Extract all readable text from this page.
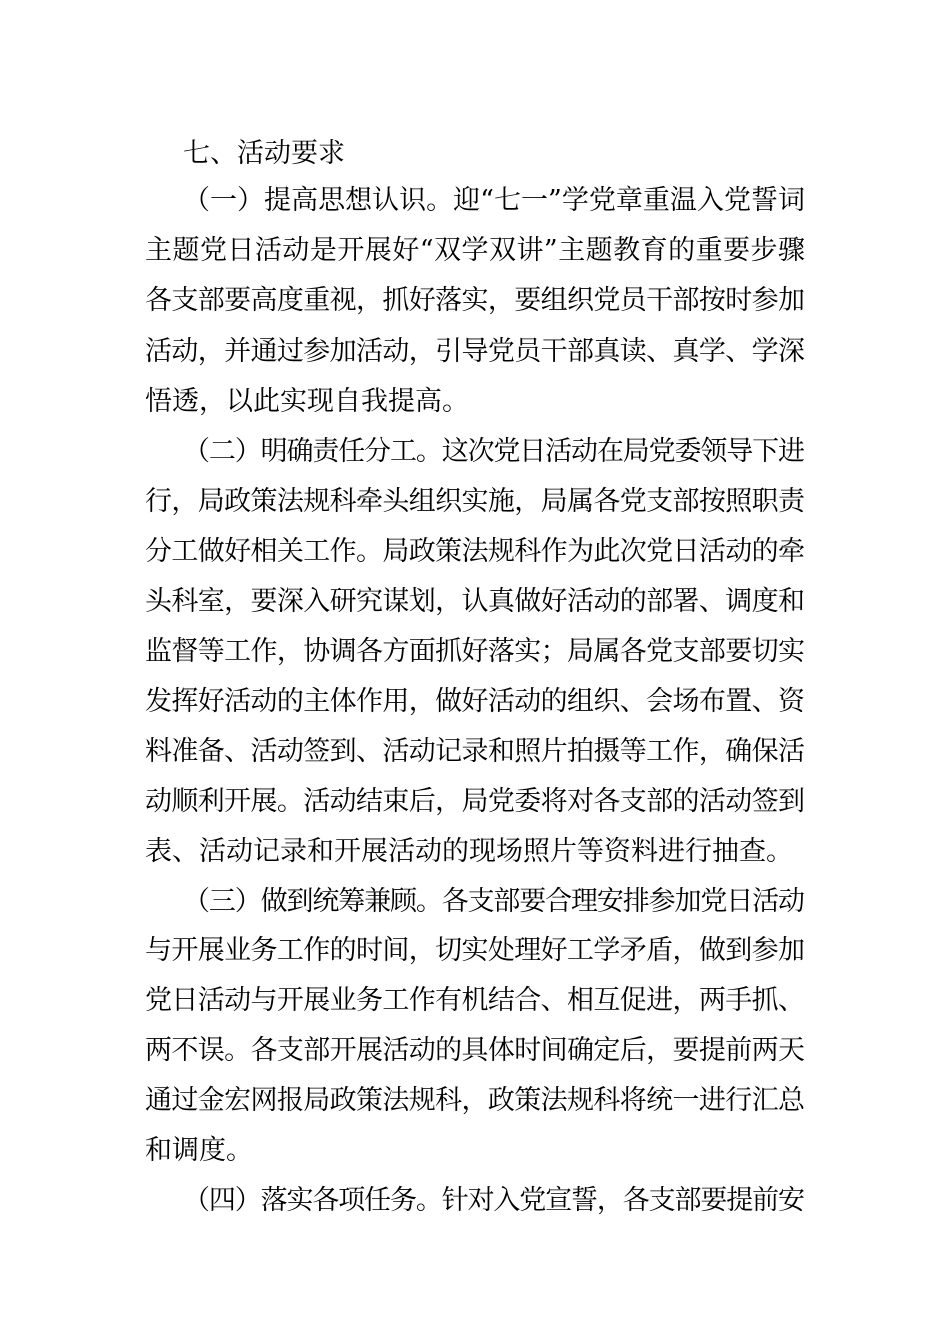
七、活动要求
（一）提高思想认识。迎“七一”学党章重温入党誓词
主题党日活动是开展好“双学双讲”主题教育的重要步骤
各支部要高度重视，抓好落实，要组织党员干部按时参加
活动，并通过参加活动，引导党员干部真读、真学、学深
悟透，以此实现自我提高。
（二）明确责任分工。这次党日活动在局党委领导下进
行，局政策法规科牵头组织实施，局属各党支部按照职责
分工做好相关工作。局政策法规科作为此次党日活动的牵
头科室，要深入研究谋划，认真做好活动的部署、调度和
监督等工作，协调各方面抓好落实；局属各党支部要切实
发挥好活动的主体作用，做好活动的组织、会场布置、资
料准备、活动签到、活动记录和照片拍摄等工作，确保活
动顺利开展。活动结束后，局党委将对各支部的活动签到
表、活动记录和开展活动的现场照片等资料进行抽查。
（三）做到统筹兼顾。各支部要合理安排参加党日活动
与开展业务工作的时间，切实处理好工学矛盾，做到参加
党日活动与开展业务工作有机结合、相互促进，两手抓、
两不误。各支部开展活动的具体时间确定后，要提前两天
通过金宏网报局政策法规科，政策法规科将统一进行汇总
和调度。
（四）落实各项任务。针对入党宣誓，各支部要提前安
